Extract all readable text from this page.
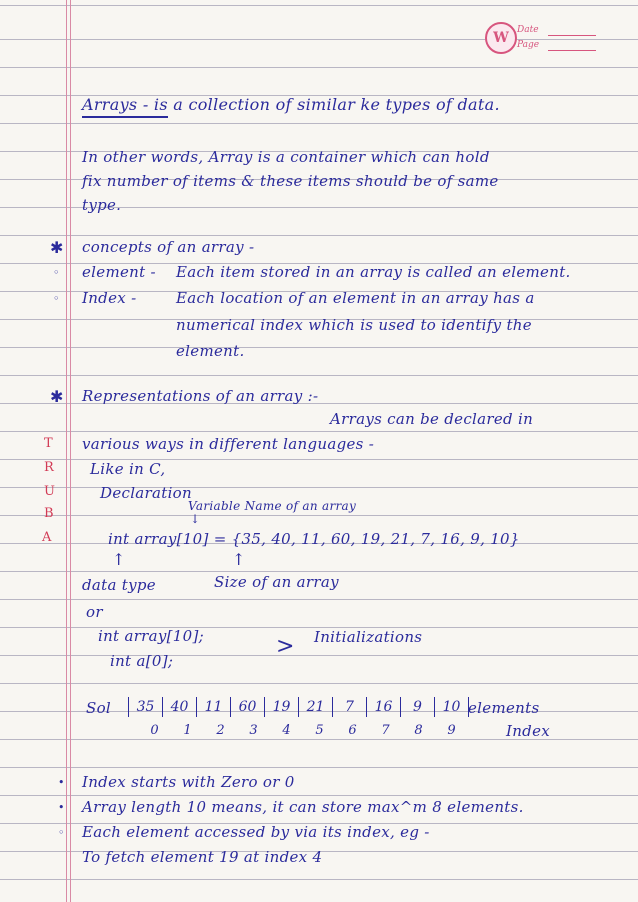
W Date
Page
Arrays - is a collection of similar ke types of data.
In other words, Array is a container which can hold
fix number of items & these items should be of same
type.
✱ concepts of an array -
◦ element - Each item stored in an array is called an element.
◦ Index -	Each location of an element in an array has a
numerical index which is used to identify the
element.
✱ Representations of an array :-
Arrays can be declared in
T various ways in different languages -
R Like in C,
U	Declaration
B	Variable Name of an array
↓
A	int array[10] = {35, 40, 11, 60, 19, 21, 7, 16, 9, 10}
↑	↑
data type	Size of an array
or
int array[10];
int a[0];
> Initializations
Sol	35	40	11	60	19	21	7	16	9	10 elements
0	1	2	3	4	5	6	7	8	9	Index
• Index starts with Zero or 0
• Array length 10 means, it can store max^m 8 elements.
◦ Each element accessed by via its index, eg -
To fetch element 19 at index 4
